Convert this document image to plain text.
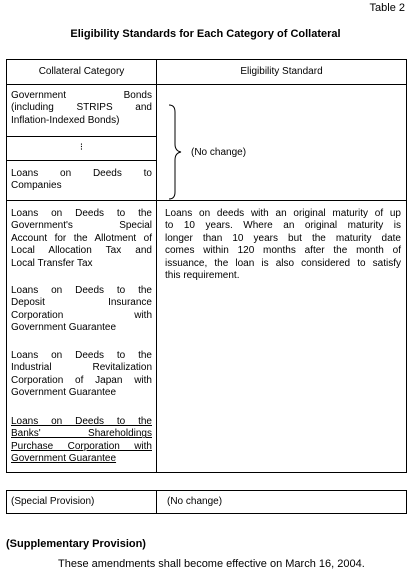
Table 2
Eligibility Standards for Each Category of Collateral
Collateral Category	Eligibility Standard
Government Bonds
(including STRIPS and
Inflation-Indexed Bonds)
⁝
Loans on Deeds to
Companies
(No change)
Loans on Deeds to the
Government's Special
Account for the Allotment of
Local Allocation Tax and
Local Transfer Tax
Loans on Deeds to the
Deposit Insurance
Corporation with
Government Guarantee
Loans on Deeds to the
Industrial Revitalization
Corporation of Japan with
Government Guarantee
Loans on Deeds to the
Banks' Shareholdings
Purchase Corporation with
Government Guarantee
Loans on deeds with an original maturity of up
to 10 years. Where an original maturity is
longer than 10 years but the maturity date
comes within 120 months after the month of
issuance, the loan is also considered to satisfy
this requirement.
(Special Provision)	(No change)
(Supplementary Provision)
These amendments shall become effective on March 16, 2004.
